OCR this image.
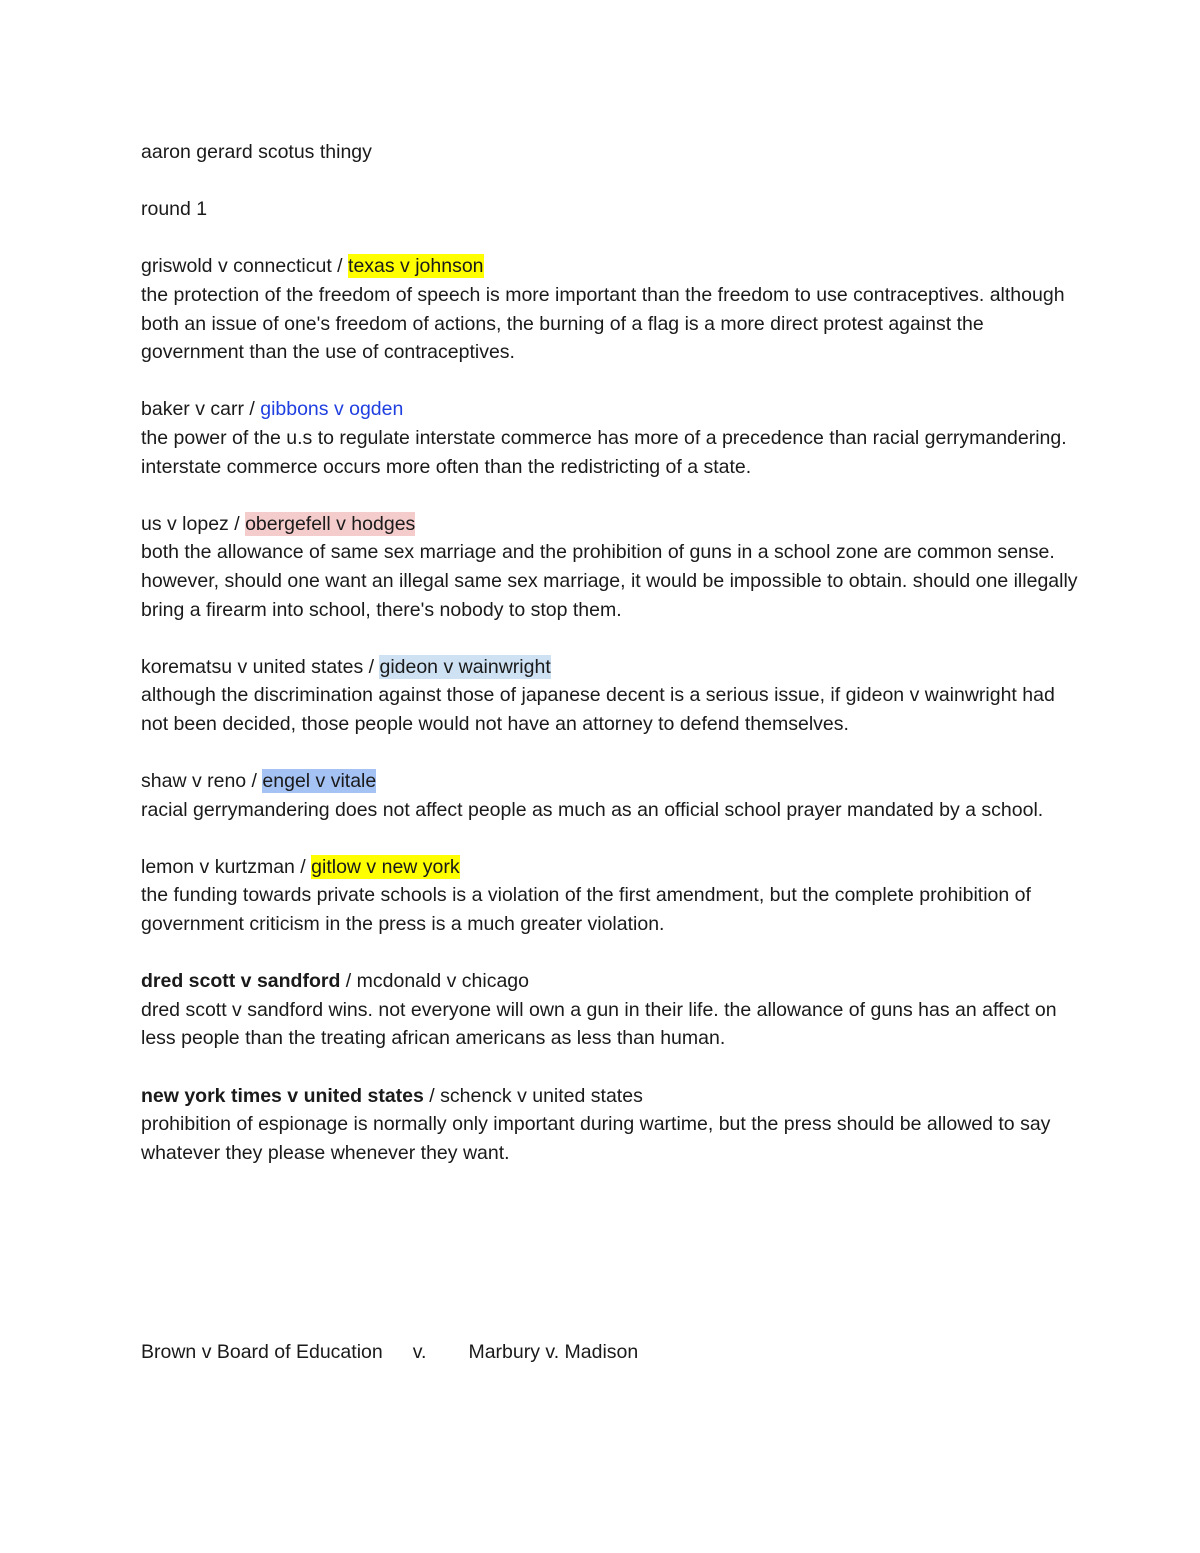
aaron gerard scotus thingy

round 1

griswold v connecticut / texas v johnson

the protection of the freedom of speech is more important than the freedom to use contraceptives. although both an issue of one's freedom of actions, the burning of a flag is a more direct protest against the government than the use of contraceptives.

baker v carr / gibbons v ogden

the power of the u.s to regulate interstate commerce has more of a precedence than racial gerrymandering. interstate commerce occurs more often than the redistricting of a state.

us v lopez / obergefell v hodges

both the allowance of same sex marriage and the prohibition of guns in a school zone are common sense. however, should one want an illegal same sex marriage, it would be impossible to obtain. should one illegally bring a firearm into school, there's nobody to stop them.

korematsu v united states / gideon v wainwright

although the discrimination against those of japanese decent is a serious issue, if gideon v wainwright had not been decided, those people would not have an attorney to defend themselves.

shaw v reno / engel v vitale

racial gerrymandering does not affect people as much as an official school prayer mandated by a school.

lemon v kurtzman / gitlow v new york

the funding towards private schools is a violation of the first amendment, but the complete prohibition of government criticism in the press is a much greater violation.

dred scott v sandford / mcdonald v chicago

dred scott v sandford wins. not everyone will own a gun in their life. the allowance of guns has an affect on less people than the treating african americans as less than human.

new york times v united states / schenck v united states

prohibition of espionage is normally only important during wartime, but the press should be allowed to say whatever they please whenever they want.

Brown v Board of Education v. Marbury v. Madison
